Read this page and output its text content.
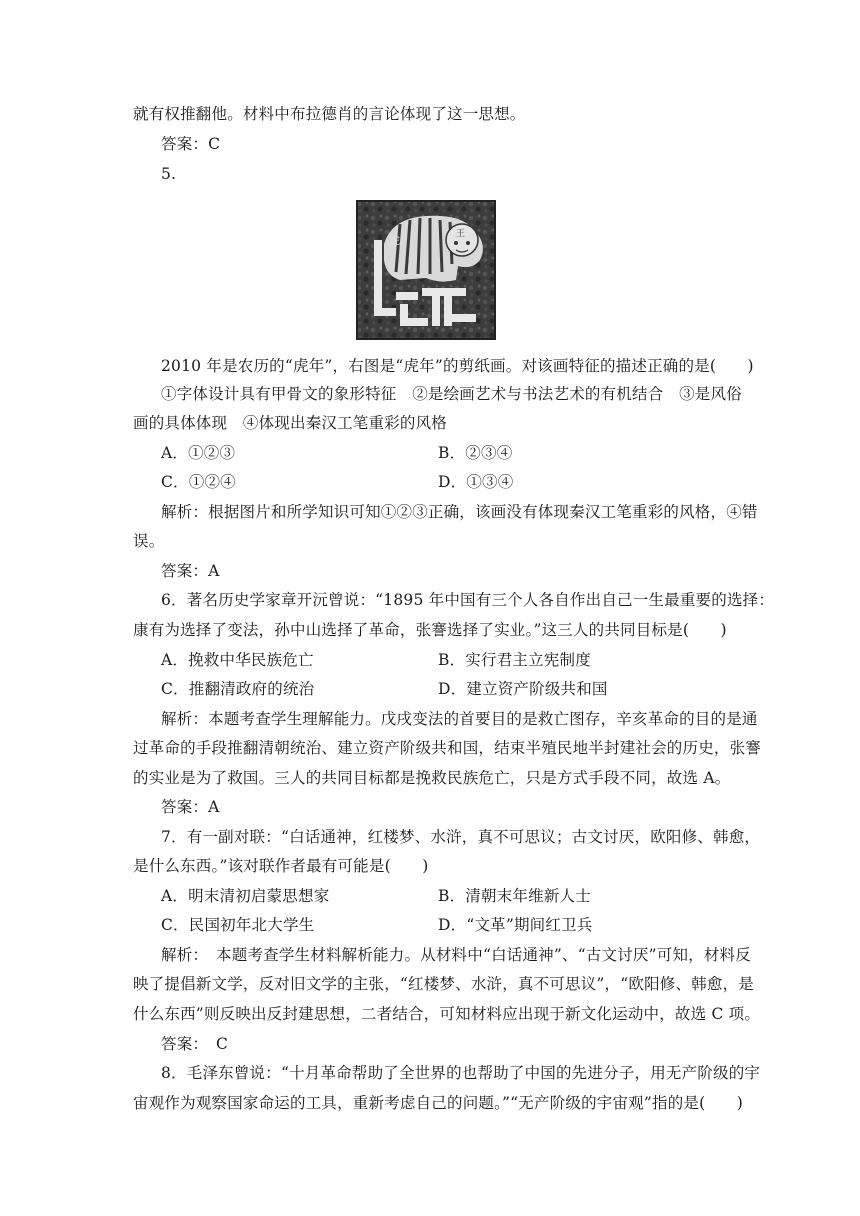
就有权推翻他。材料中布拉德肖的言论体现了这一思想。
答案：C
5.
王
虎
2010 年是农历的“虎年”，右图是“虎年”的剪纸画。对该画特征的描述正确的是(　　)
①字体设计具有甲骨文的象形特征　②是绘画艺术与书法艺术的有机结合　③是风俗
画的具体体现　④体现出秦汉工笔重彩的风格
A．①②③	B．②③④
C．①②④	D．①③④
解析：根据图片和所学知识可知①②③正确，该画没有体现秦汉工笔重彩的风格，④错
误。
答案：A
6．著名历史学家章开沅曾说：“1895 年中国有三个人各自作出自己一生最重要的选择：
康有为选择了变法，孙中山选择了革命，张謇选择了实业。”这三人的共同目标是(　　)
A．挽救中华民族危亡	B．实行君主立宪制度
C．推翻清政府的统治	D．建立资产阶级共和国
解析：本题考查学生理解能力。戊戌变法的首要目的是救亡图存，辛亥革命的目的是通
过革命的手段推翻清朝统治、建立资产阶级共和国，结束半殖民地半封建社会的历史，张謇
的实业是为了救国。三人的共同目标都是挽救民族危亡，只是方式手段不同，故选 A。
答案：A
7．有一副对联：“白话通神，红楼梦、水浒，真不可思议；古文讨厌，欧阳修、韩愈，
是什么东西。”该对联作者最有可能是(　　)
A．明末清初启蒙思想家	B．清朝末年维新人士
C．民国初年北大学生	D．“文革”期间红卫兵
解析：　本题考查学生材料解析能力。从材料中“白话通神”、“古文讨厌”可知，材料反
映了提倡新文学，反对旧文学的主张，“红楼梦、水浒，真不可思议”，“欧阳修、韩愈，是
什么东西”则反映出反封建思想，二者结合，可知材料应出现于新文化运动中，故选 C 项。
答案：　C
8．毛泽东曾说：“十月革命帮助了全世界的也帮助了中国的先进分子，用无产阶级的宇
宙观作为观察国家命运的工具，重新考虑自己的问题。”“无产阶级的宇宙观”指的是(　　)
